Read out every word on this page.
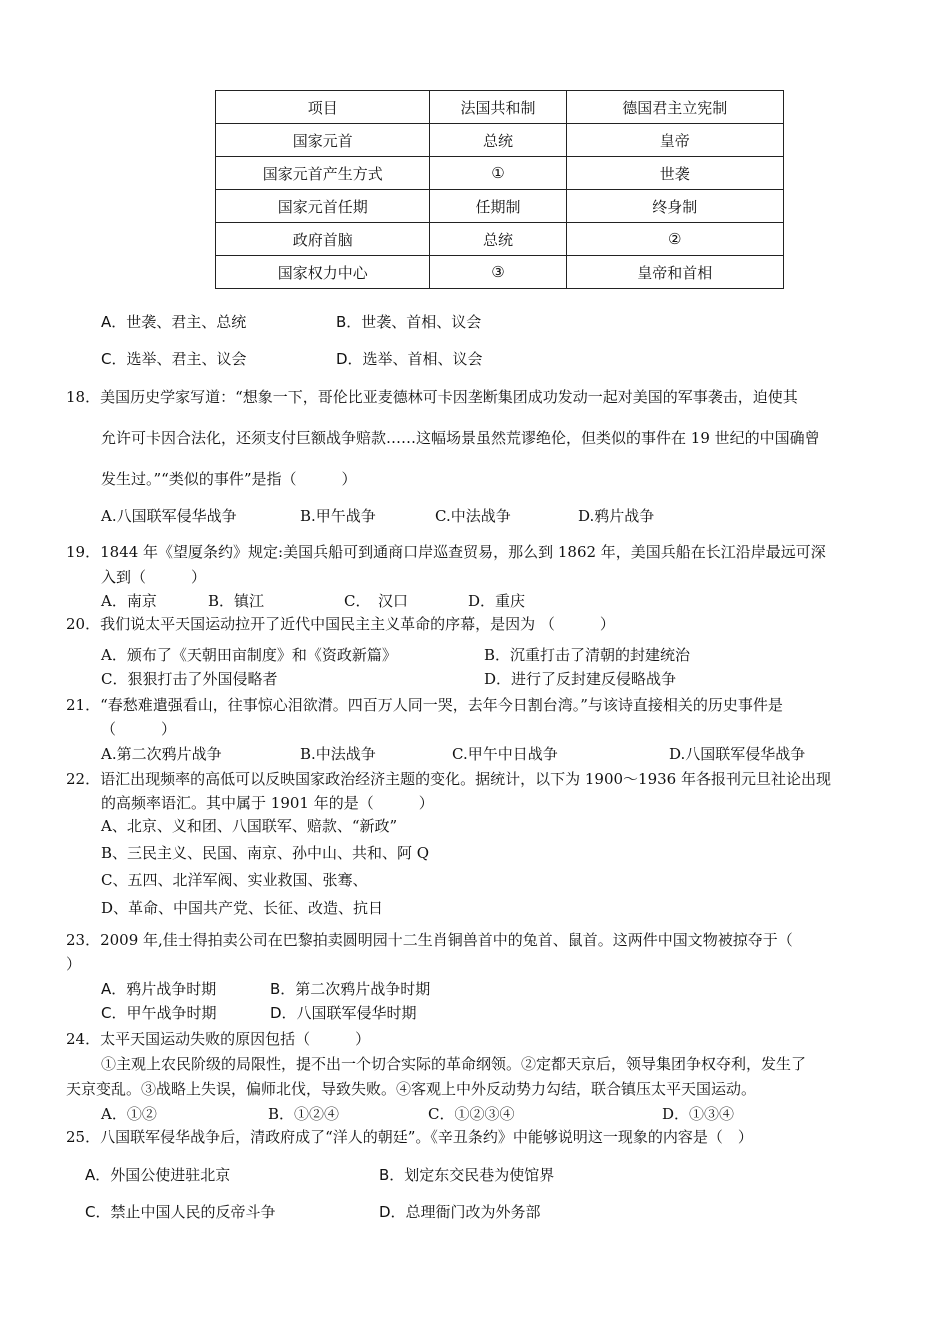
项目	法国共和制	德国君主立宪制
国家元首	总统	皇帝
国家元首产生方式	①	世袭
国家元首任期	任期制	终身制
政府首脑	总统	②
国家权力中心	③	皇帝和首相
A．世袭、君主、总统	B．世袭、首相、议会
C．选举、君主、议会	D．选举、首相、议会
18．美国历史学家写道：“想象一下，哥伦比亚麦德林可卡因垄断集团成功发动一起对美国的军事袭击，迫使其
允许可卡因合法化，还须支付巨额战争赔款……这幅场景虽然荒谬绝伦，但类似的事件在 19 世纪的中国确曾
发生过。”“类似的事件”是指（　　　）
A.八国联军侵华战争	B.甲午战争	C.中法战争	D.鸦片战争
19．1844 年《望厦条约》规定:美国兵船可到通商口岸巡查贸易，那么到 1862 年，美国兵船在长江沿岸最远可深
入到（　　　）
A．南京	B．镇江	C．　汉口	D．重庆
20．我们说太平天国运动拉开了近代中国民主主义革命的序幕，是因为 （　　　）
A．颁布了《天朝田亩制度》和《资政新篇》	B．沉重打击了清朝的封建统治
C．狠狠打击了外国侵略者	D．进行了反封建反侵略战争
21．“春愁难遣强看山，往事惊心泪欲潸。四百万人同一哭，去年今日割台湾。”与该诗直接相关的历史事件是
（　　　）
A.第二次鸦片战争	B.中法战争	C.甲午中日战争	D.八国联军侵华战争
22．语汇出现频率的高低可以反映国家政治经济主题的变化。据统计，以下为 1900～1936 年各报刊元旦社论出现
的高频率语汇。其中属于 1901 年的是（　　　）
A、北京、义和团、八国联军、赔款、“新政”
B、三民主义、民国、南京、孙中山、共和、阿 Q
C、五四、北洋军阀、实业救国、张骞、
D、革命、中国共产党、长征、改造、抗日
23．2009 年,佳士得拍卖公司在巴黎拍卖圆明园十二生肖铜兽首中的兔首、鼠首。这两件中国文物被掠夺于（
）
A．鸦片战争时期	B．第二次鸦片战争时期
C．甲午战争时期	D．八国联军侵华时期
24．太平天国运动失败的原因包括（　　　）
①主观上农民阶级的局限性，提不出一个切合实际的革命纲领。②定都天京后，领导集团争权夺利，发生了
天京变乱。③战略上失误，偏师北伐，导致失败。④客观上中外反动势力勾结，联合镇压太平天国运动。
A．①②	B．①②④	C．①②③④	D．①③④
25．八国联军侵华战争后，清政府成了“洋人的朝廷”。《辛丑条约》中能够说明这一现象的内容是（　）
A．外国公使进驻北京	B．划定东交民巷为使馆界
C．禁止中国人民的反帝斗争	D．总理衙门改为外务部
